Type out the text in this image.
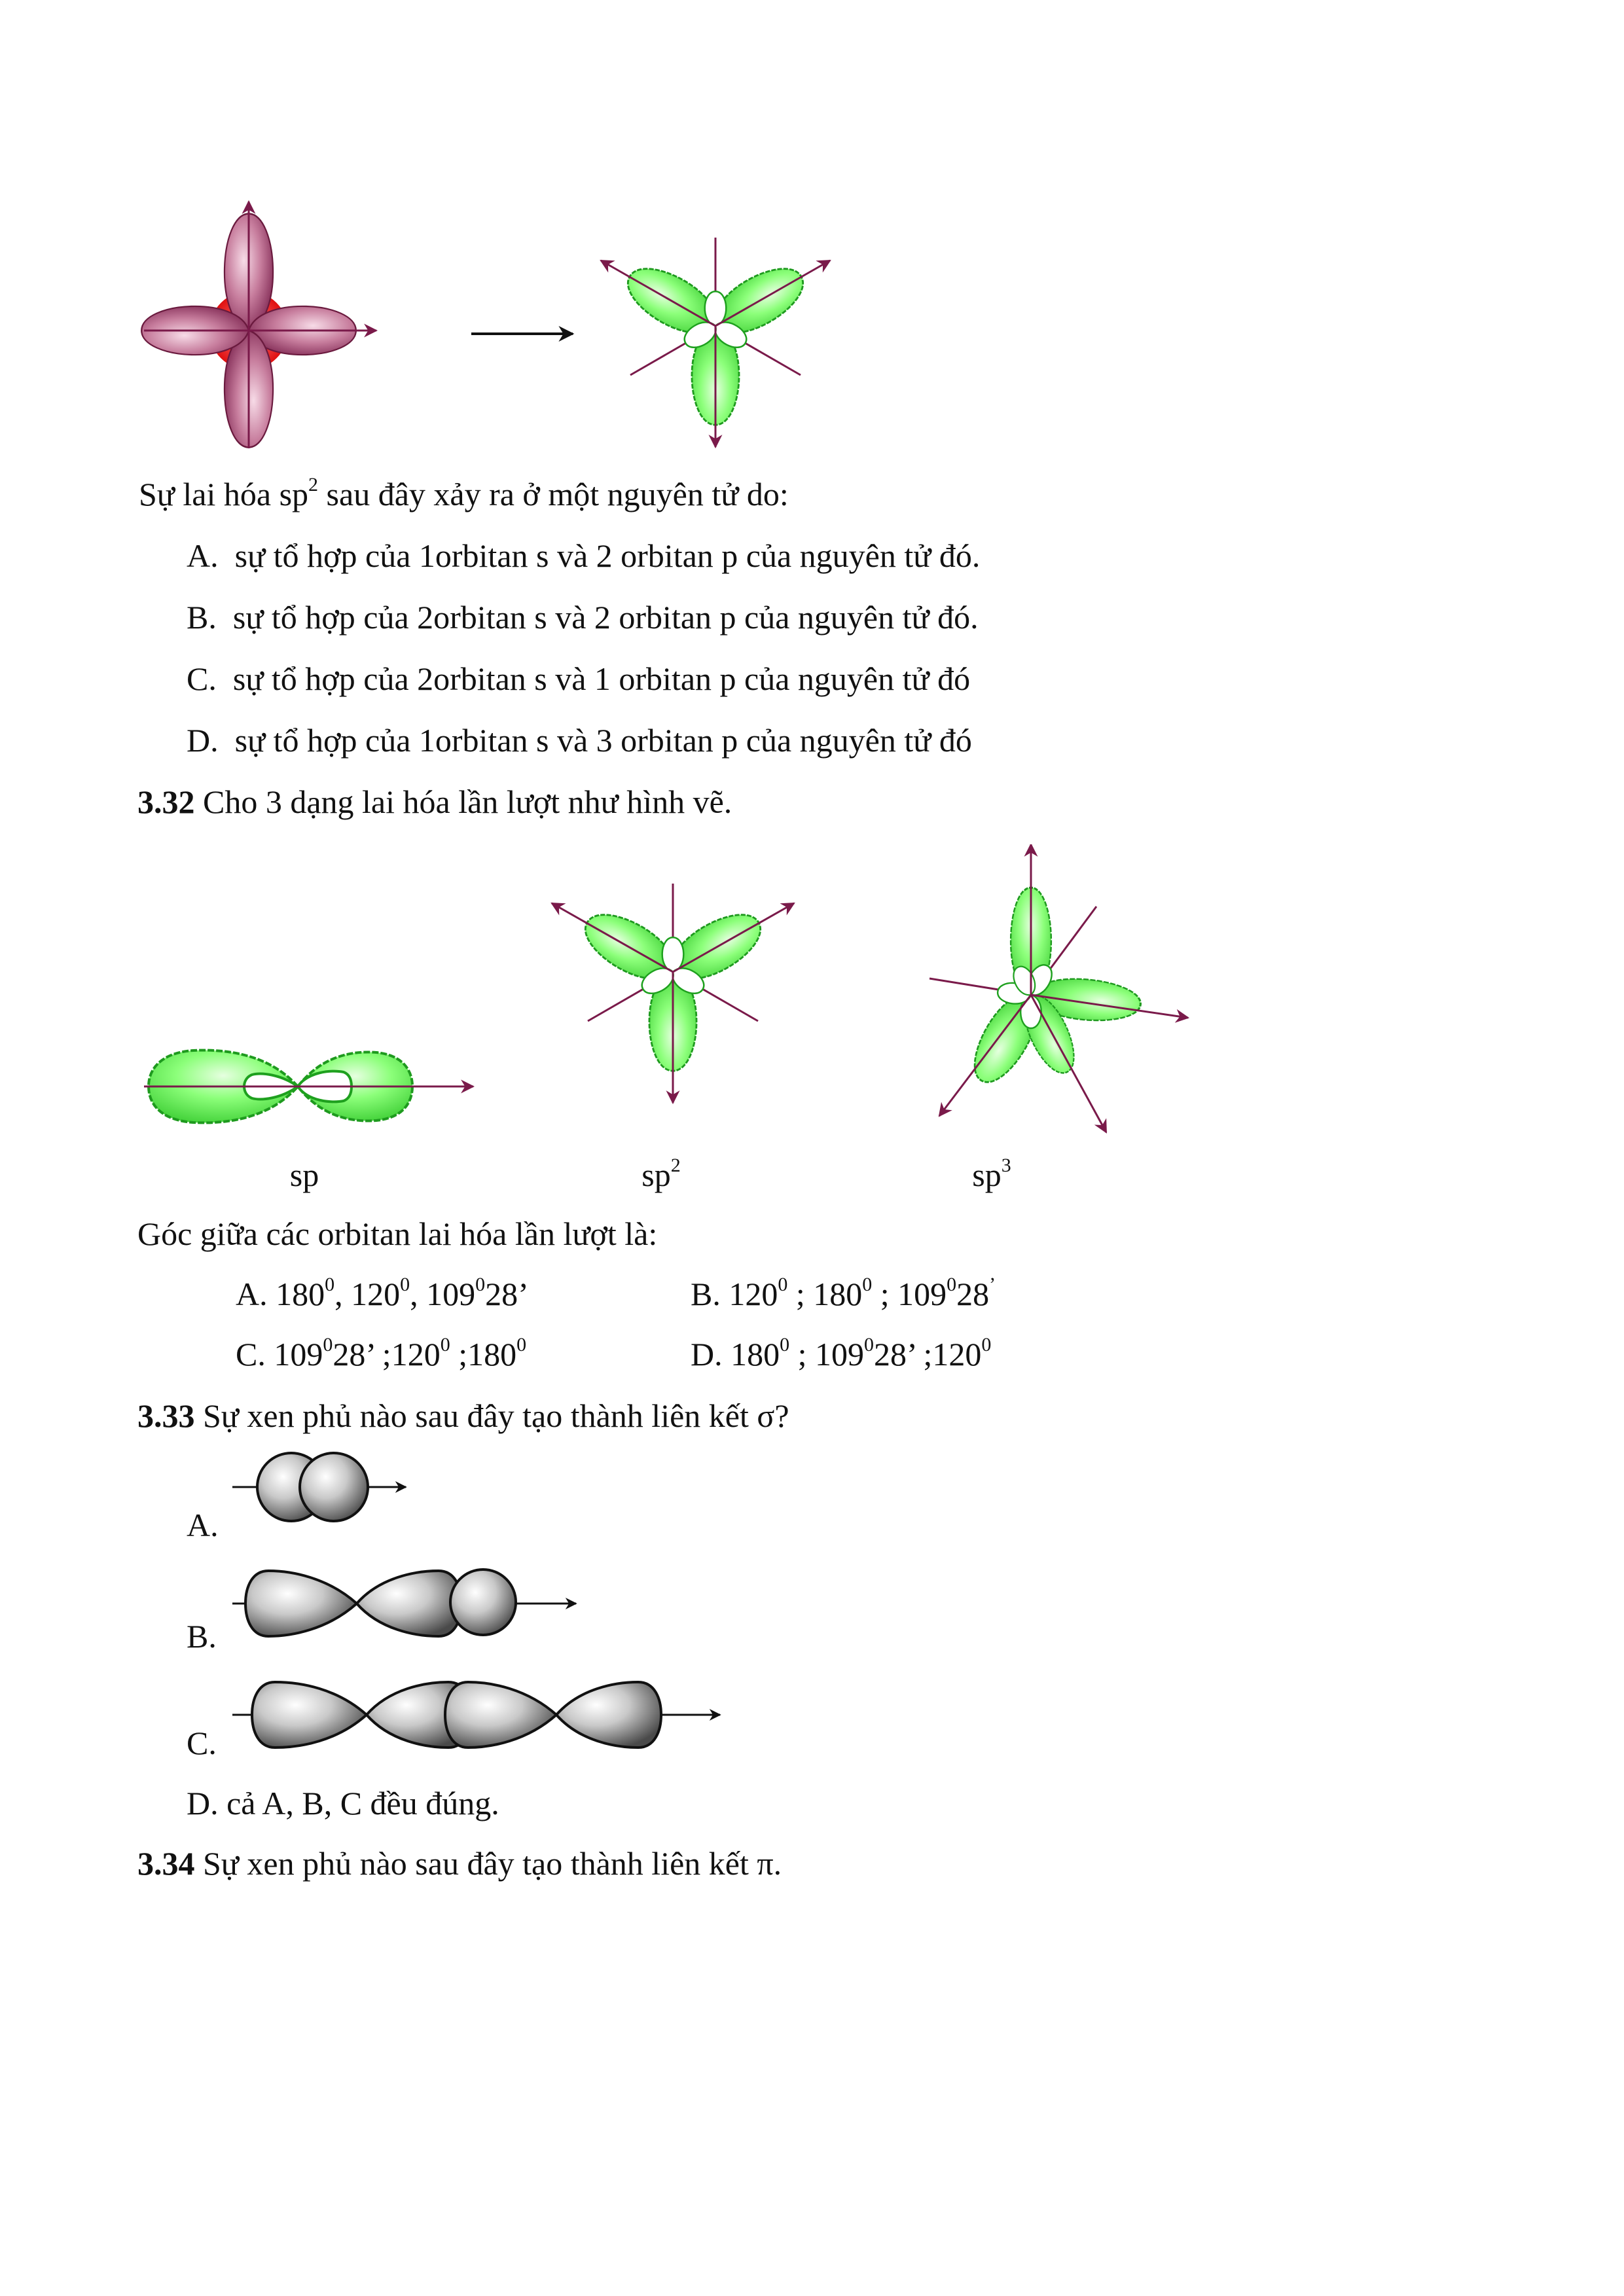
Sự lai hóa $sp^2$ sau đây xảy ra ở một nguyên tử do:
A. sự tổ hợp của 1orbitan s và 2 orbitan p của nguyên tử đó.
B. sự tổ hợp của 2orbitan s và 2 orbitan p của nguyên tử đó.
C. sự tổ hợp của 2orbitan s và 1 orbitan p của nguyên tử đó
D. sự tổ hợp của 1orbitan s và 3 orbitan p của nguyên tử đó
3.32 Cho 3 dạng lai hóa lần lượt như hình vẽ.
sp	$sp^2$	$sp^3$
Góc giữa các orbitan lai hóa lần lượt là:
A. $180^0$, $120^0$, $109^028$’	B. $120^0$ ; $180^0$ ; $109^028^’$
C. $109^028$’ $;120^0$ $;180^0$	D. $180^0$ ; $109^028$’ $;120^0$
3.33 Sự xen phủ nào sau đây tạo thành liên kết σ?
A.
B.
C.
D. cả A, B, C đều đúng.
3.34 Sự xen phủ nào sau đây tạo thành liên kết π.
